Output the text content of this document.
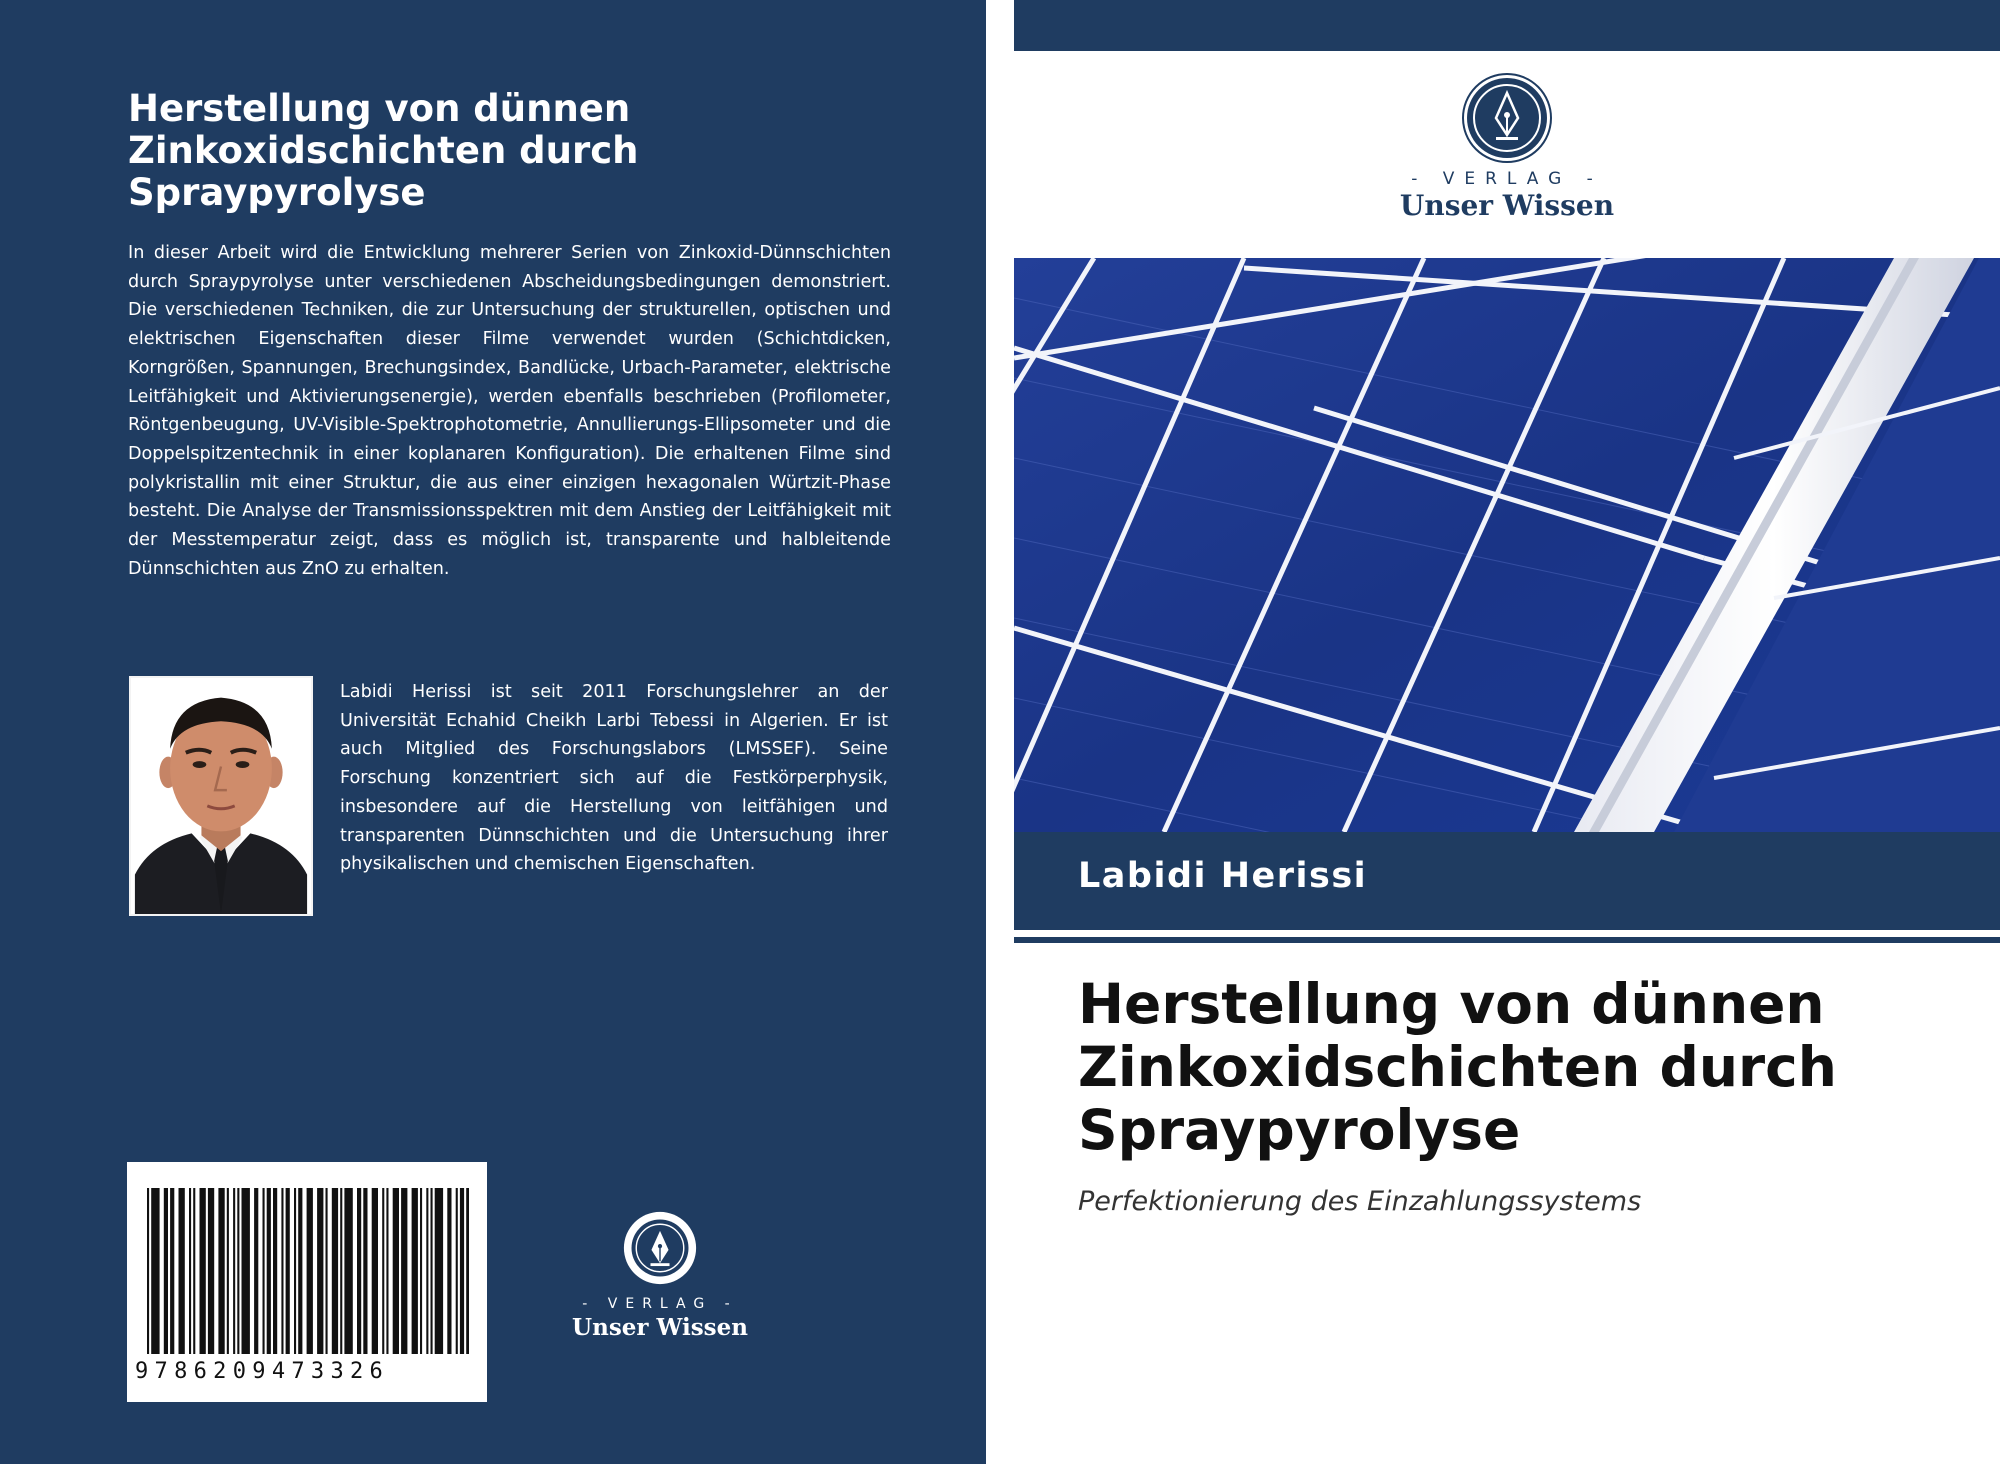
Herstellung von dünnen Zinkoxidschichten durch Spraypyrolyse

In dieser Arbeit wird die Entwicklung mehrerer Serien von Zinkoxid-Dünnschichten durch Spraypyrolyse unter verschiedenen Abscheidungsbedingungen demonstriert. Die verschiedenen Techniken, die zur Untersuchung der strukturellen, optischen und elektrischen Eigenschaften dieser Filme verwendet wurden (Schichtdicken, Korngrößen, Spannungen, Brechungsindex, Bandlücke, Urbach-Parameter, elektrische Leitfähigkeit und Aktivierungsenergie), werden ebenfalls beschrieben (Profilometer, Röntgenbeugung, UV-Visible-Spektrophotometrie, Annullierungs-Ellipsometer und die Doppelspitzentechnik in einer koplanaren Konfiguration). Die erhaltenen Filme sind polykristallin mit einer Struktur, die aus einer einzigen hexagonalen Würtzit-Phase besteht. Die Analyse der Transmissionsspektren mit dem Anstieg der Leitfähigkeit mit der Messtemperatur zeigt, dass es möglich ist, transparente und halbleitende Dünnschichten aus ZnO zu erhalten.

Labidi Herissi ist seit 2011 Forschungslehrer an der Universität Echahid Cheikh Larbi Tebessi in Algerien. Er ist auch Mitglied des Forschungslabors (LMSSEF). Seine Forschung konzentriert sich auf die Festkörperphysik, insbesondere auf die Herstellung von leitfähigen und transparenten Dünnschichten und die Untersuchung ihrer physikalischen und chemischen Eigenschaften.

9786209473326
- VERLAG -
Unser Wissen
- VERLAG -
Unser Wissen
Labidi Herissi
Herstellung von dünnen Zinkoxidschichten durch Spraypyrolyse
Perfektionierung des Einzahlungssystems
